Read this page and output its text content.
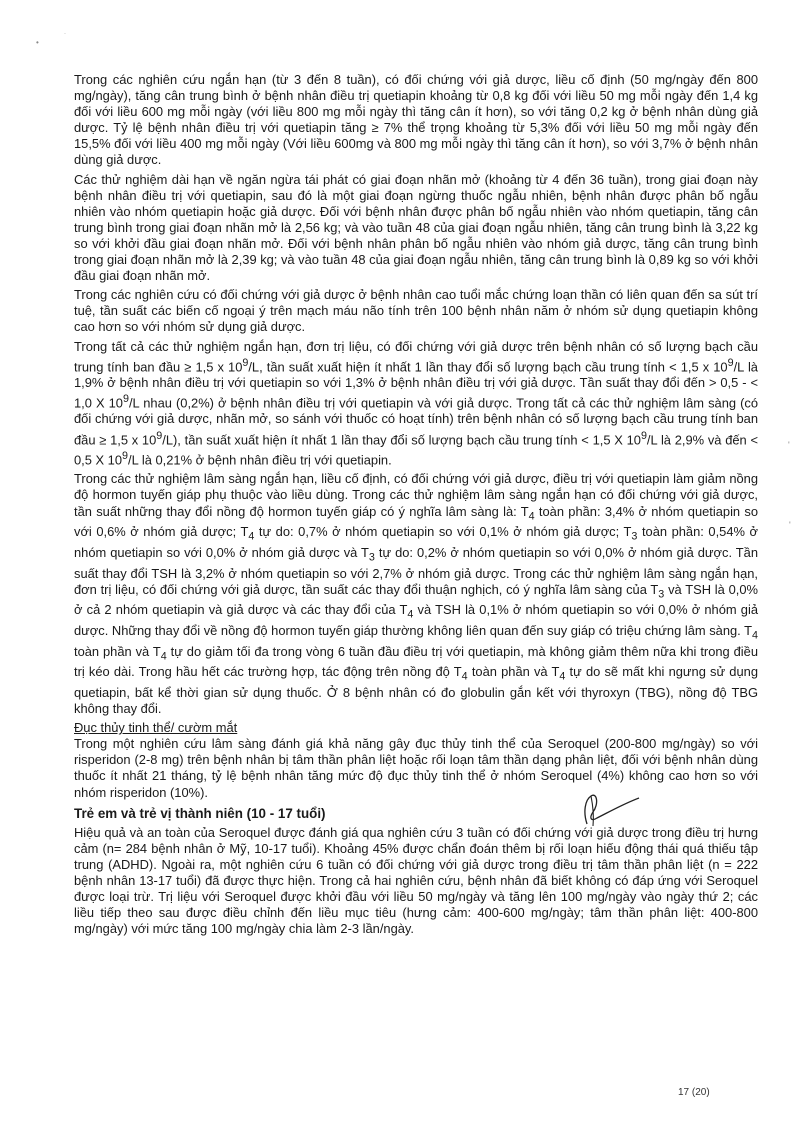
•
·
'
'

Trong các nghiên cứu ngắn hạn (từ 3 đến 8 tuần), có đối chứng với giả dược, liều cố định (50 mg/ngày đến 800 mg/ngày), tăng cân trung bình ở bệnh nhân điều trị quetiapin khoảng từ 0,8 kg đối với liều 50 mg mỗi ngày đến 1,4 kg đối với liều 600 mg mỗi ngày (với liều 800 mg mỗi ngày thì tăng cân ít hơn), so với tăng 0,2 kg ở bệnh nhân dùng giả dược. Tỷ lệ bệnh nhân điều trị với quetiapin tăng ≥ 7% thể trọng khoảng từ 5,3% đối với liều 50 mg mỗi ngày đến 15,5% đối với liều 400 mg mỗi ngày (Với liều 600mg và 800 mg mỗi ngày thì tăng cân ít hơn), so với 3,7% ở bệnh nhân dùng giả dược.

Các thử nghiệm dài hạn về ngăn ngừa tái phát có giai đoạn nhãn mở (khoảng từ 4 đến 36 tuần), trong giai đoạn này bệnh nhân điều trị với quetiapin, sau đó là một giai đoạn ngừng thuốc ngẫu nhiên, bệnh nhân được phân bố ngẫu nhiên vào nhóm quetiapin hoặc giả dược. Đối với bệnh nhân được phân bố ngẫu nhiên vào nhóm quetiapin, tăng cân trung bình trong giai đoạn nhãn mở là 2,56 kg; và vào tuần 48 của giai đoạn ngẫu nhiên, tăng cân trung bình là 3,22 kg so với khởi đầu giai đoạn nhãn mở. Đối với bệnh nhân phân bố ngẫu nhiên vào nhóm giả dược, tăng cân trung bình trong giai đoạn nhãn mở là 2,39 kg; và vào tuần 48 của giai đoạn ngẫu nhiên, tăng cân trung bình là 0,89 kg so với khởi đầu giai đoạn nhãn mở.

Trong các nghiên cứu có đối chứng với giả dược ở bệnh nhân cao tuổi mắc chứng loạn thần có liên quan đến sa sút trí tuệ, tần suất các biến cố ngoại ý trên mạch máu não tính trên 100 bệnh nhân năm ở nhóm sử dụng quetiapin không cao hơn so với nhóm sử dụng giả dược.

Trong tất cả các thử nghiệm ngắn hạn, đơn trị liệu, có đối chứng với giả dược trên bệnh nhân có số lượng bạch cầu trung tính ban đầu ≥ 1,5 x $10^9/L$, tần suất xuất hiện ít nhất 1 lần thay đổi số lượng bạch cầu trung tính < 1,5 x $10^9/L$ là 1,9% ở bệnh nhân điều trị với quetiapin so với 1,3% ở bệnh nhân điều trị với giả dược. Tần suất thay đổi đến > 0,5 - < 1,0 X $10^9/L$ nhau (0,2%) ở bệnh nhân điều trị với quetiapin và với giả dược. Trong tất cả các thử nghiệm lâm sàng (có đối chứng với giả dược, nhãn mở, so sánh với thuốc có hoạt tính) trên bệnh nhân có số lượng bạch cầu trung tính ban đầu ≥ 1,5 x $10^9/L$), tần suất xuất hiện ít nhất 1 lần thay đổi số lượng bạch cầu trung tính < 1,5 X $10^9/L$ là 2,9% và đến < 0,5 X $10^9/L$ là 0,21% ở bệnh nhân điều trị với quetiapin.

Trong các thử nghiệm lâm sàng ngắn hạn, liều cố định, có đối chứng với giả dược, điều trị với quetiapin làm giảm nồng độ hormon tuyến giáp phụ thuộc vào liều dùng. Trong các thử nghiệm lâm sàng ngắn hạn có đối chứng với giả dược, tần suất những thay đổi nồng độ hormon tuyến giáp có ý nghĩa lâm sàng là: $T_4$ toàn phần: 3,4% ở nhóm quetiapin so với 0,6% ở nhóm giả dược; $T_4$ tự do: 0,7% ở nhóm quetiapin so với 0,1% ở nhóm giả dược; $T_3$ toàn phần: 0,54% ở nhóm quetiapin so với 0,0% ở nhóm giả dược và $T_3$ tự do: 0,2% ở nhóm quetiapin so với 0,0% ở nhóm giả dược. Tần suất thay đổi TSH là 3,2% ở nhóm quetiapin so với 2,7% ở nhóm giả dược. Trong các thử nghiệm lâm sàng ngắn hạn, đơn trị liệu, có đối chứng với giả dược, tần suất các thay đổi thuận nghịch, có ý nghĩa lâm sàng của $T_3$ và TSH là 0,0% ở cả 2 nhóm quetiapin và giả dược và các thay đổi của $T_4$ và TSH là 0,1% ở nhóm quetiapin so với 0,0% ở nhóm giả dược. Những thay đổi về nồng độ hormon tuyến giáp thường không liên quan đến suy giáp có triệu chứng lâm sàng. $T_4$ toàn phần và $T_4$ tự do giảm tối đa trong vòng 6 tuần đầu điều trị với quetiapin, mà không giảm thêm nữa khi trong điều trị kéo dài. Trong hầu hết các trường hợp, tác động trên nồng độ $T_4$ toàn phần và $T_4$ tự do sẽ mất khi ngưng sử dụng quetiapin, bất kể thời gian sử dụng thuốc. Ở 8 bệnh nhân có đo globulin gắn kết với thyroxyn (TBG), nồng độ TBG không thay đổi.

Đục thủy tinh thể/ cườm mắt

Trong một nghiên cứu lâm sàng đánh giá khả năng gây đục thủy tinh thể của Seroquel (200-800 mg/ngày) so với risperidon (2-8 mg) trên bệnh nhân bị tâm thần phân liệt hoặc rối loạn tâm thần dạng phân liệt, đối với bệnh nhân dùng thuốc ít nhất 21 tháng, tỷ lệ bệnh nhân tăng mức độ đục thủy tinh thể ở nhóm Seroquel (4%) không cao hơn so với nhóm risperidon (10%).

Trẻ em và trẻ vị thành niên (10 - 17 tuổi)

Hiệu quả và an toàn của Seroquel được đánh giá qua nghiên cứu 3 tuần có đối chứng với giả dược trong điều trị hưng cảm (n= 284 bệnh nhân ở Mỹ, 10-17 tuổi). Khoảng 45% được chẩn đoán thêm bị rối loạn hiếu động thái quá thiếu tập trung (ADHD). Ngoài ra, một nghiên cứu 6 tuần có đối chứng với giả dược trong điều trị tâm thần phân liệt (n = 222 bệnh nhân 13-17 tuổi) đã được thực hiện. Trong cả hai nghiên cứu, bệnh nhân đã biết không có đáp ứng với Seroquel được loại trừ. Trị liệu với Seroquel được khởi đầu với liều 50 mg/ngày và tăng lên 100 mg/ngày vào ngày thứ 2; các liều tiếp theo sau được điều chỉnh đến liều mục tiêu (hưng cảm: 400-600 mg/ngày; tâm thần phân liệt: 400-800 mg/ngày) với mức tăng 100 mg/ngày chia làm 2-3 lần/ngày.

17 (20)
